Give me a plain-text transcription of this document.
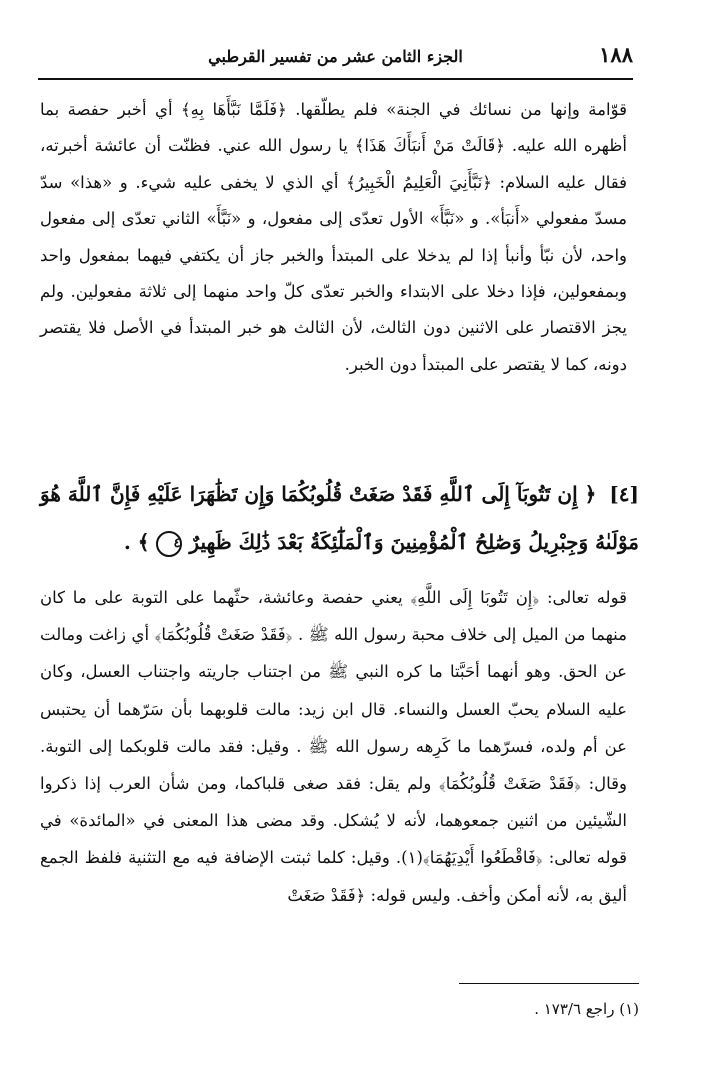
١٨٨
الجزء الثامن عشر من تفسير القرطبي
قوّامة وإنها من نسائك في الجنة» فلم يطلّقها. ﴿فَلَمَّا نَبَّأَهَا بِهِ﴾ أي أخبر حفصة بما أظهره الله عليه. ﴿قَالَتْ مَنْ أَنبَأَكَ هَذَا﴾ يا رسول الله عني. فظنّت أن عائشة أخبرته، فقال عليه السلام: ﴿نَبَّأَنِيَ الْعَلِيمُ الْخَبِيرُ﴾ أي الذي لا يخفى عليه شيء. و «هذا» سدّ مسدّ مفعولي «أَنبَأ». و «نَبَّأَ» الأول تعدّى إلى مفعول، و «نَبَّأَ» الثاني تعدّى إلى مفعول واحد، لأن نبّأ وأنبأ إذا لم يدخلا على المبتدأ والخبر جاز أن يكتفي فيهما بمفعول واحد وبمفعولين، فإذا دخلا على الابتداء والخبر تعدّى كلّ واحد منهما إلى ثلاثة مفعولين. ولم يجز الاقتصار على الاثنين دون الثالث، لأن الثالث هو خبر المبتدأ في الأصل فلا يقتصر دونه، كما لا يقتصر على المبتدأ دون الخبر.
[٤] ﴿ إِن تَتُوبَآ إِلَى ٱللَّهِ فَقَدْ صَغَتْ قُلُوبُكُمَا وَإِن تَظَٰهَرَا عَلَيْهِ فَإِنَّ ٱللَّهَ هُوَ مَوْلَىٰهُ وَجِبْرِيلُ وَصَٰلِحُ ٱلْمُؤْمِنِينَ وَٱلْمَلَٰٓئِكَةُ بَعْدَ ذَٰلِكَ ظَهِيرٌ ٤ ﴾ .
قوله تعالى: ﴿إِن تَتُوبَا إِلَى اللَّهِ﴾ يعني حفصة وعائشة، حثّهما على التوبة على ما كان منهما من الميل إلى خلاف محبة رسول الله ﷺ . ﴿فَقَدْ صَغَتْ قُلُوبُكُمَا﴾ أي زاغت ومالت عن الحق. وهو أنهما أحَبَّتا ما كره النبي ﷺ من اجتناب جاريته واجتناب العسل، وكان عليه السلام يحبّ العسل والنساء. قال ابن زيد: مالت قلوبهما بأن سَرّهما أن يحتبس عن أم ولده، فسرّهما ما كَرِهه رسول الله ﷺ . وقيل: فقد مالت قلوبكما إلى التوبة. وقال: ﴿فَقَدْ صَغَتْ قُلُوبُكُمَا﴾ ولم يقل: فقد صغى قلباكما، ومن شأن العرب إذا ذكروا الشّيئين من اثنين جمعوهما، لأنه لا يُشكل. وقد مضى هذا المعنى في «المائدة» في قوله تعالى: ﴿فَاقْطَعُوا أَيْدِيَهُمَا﴾(١). وقيل: كلما ثبتت الإضافة فيه مع التثنية فلفظ الجمع أليق به، لأنه أمكن وأخف. وليس قوله: ﴿فَقَدْ صَغَتْ
(١) راجع ١٧٣/٦ .
